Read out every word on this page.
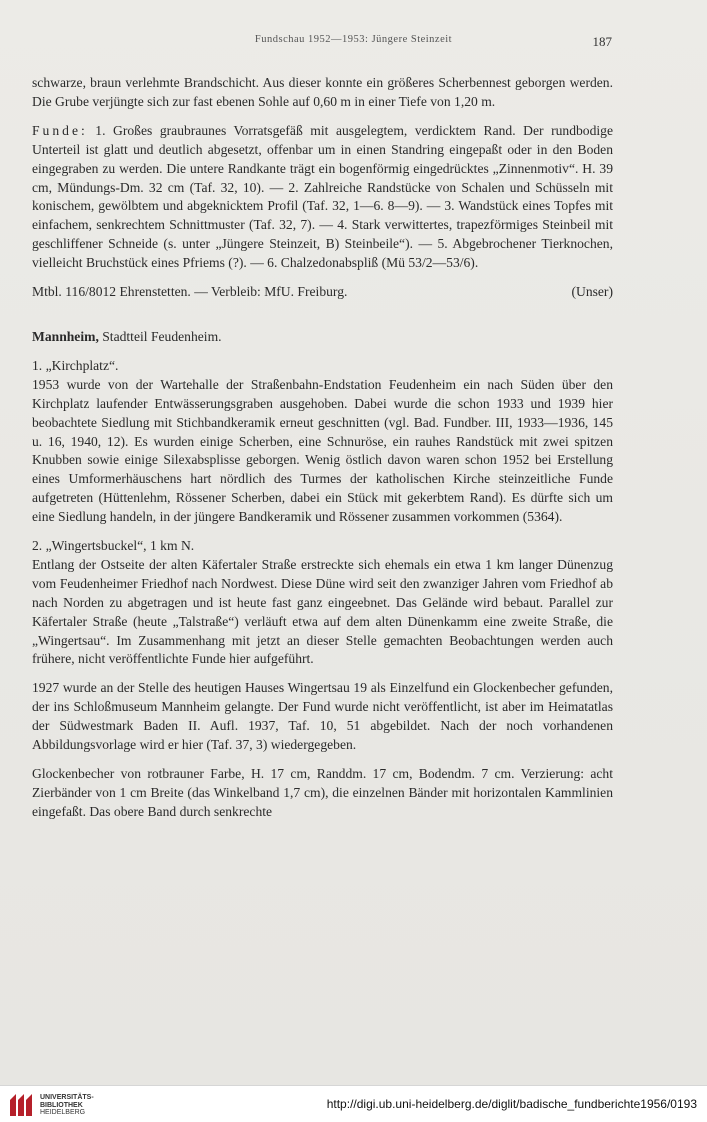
Fundschau 1952—1953: Jüngere Steinzeit	187

schwarze, braun verlehmte Brandschicht. Aus dieser konnte ein größeres Scherbennest geborgen werden. Die Grube verjüngte sich zur fast ebenen Sohle auf 0,60 m in einer Tiefe von 1,20 m.

Funde: 1. Großes graubraunes Vorratsgefäß mit ausgelegtem, verdicktem Rand. Der rundbodige Unterteil ist glatt und deutlich abgesetzt, offenbar um in einen Standring eingepaßt oder in den Boden eingegraben zu werden. Die untere Randkante trägt ein bogenförmig eingedrücktes „Zinnenmotiv“. H. 39 cm, Mündungs-Dm. 32 cm (Taf. 32, 10). — 2. Zahlreiche Randstücke von Schalen und Schüsseln mit konischem, gewölbtem und abgeknicktem Profil (Taf. 32, 1—6. 8—9). — 3. Wandstück eines Topfes mit einfachem, senkrechtem Schnittmuster (Taf. 32, 7). — 4. Stark verwittertes, trapezförmiges Steinbeil mit geschliffener Schneide (s. unter „Jüngere Steinzeit, B) Steinbeile“). — 5. Abgebrochener Tierknochen, vielleicht Bruchstück eines Pfriems (?). — 6. Chalzedonabspliß (Mü 53/2—53/6).

Mtbl. 116/8012 Ehrenstetten. — Verbleib: MfU. Freiburg.	(Unser)

Mannheim, Stadtteil Feudenheim.

1. „Kirchplatz“.

1953 wurde von der Wartehalle der Straßenbahn-Endstation Feudenheim ein nach Süden über den Kirchplatz laufender Entwässerungsgraben ausgehoben. Dabei wurde die schon 1933 und 1939 hier beobachtete Siedlung mit Stichbandkeramik erneut geschnitten (vgl. Bad. Fundber. III, 1933—1936, 145 u. 16, 1940, 12). Es wurden einige Scherben, eine Schnuröse, ein rauhes Randstück mit zwei spitzen Knubben sowie einige Silexabsplisse geborgen. Wenig östlich davon waren schon 1952 bei Erstellung eines Umformerhäuschens hart nördlich des Turmes der katholischen Kirche steinzeitliche Funde aufgetreten (Hüttenlehm, Rössener Scherben, dabei ein Stück mit gekerbtem Rand). Es dürfte sich um eine Siedlung handeln, in der jüngere Bandkeramik und Rössener zusammen vorkommen (5364).

2. „Wingertsbuckel“, 1 km N.

Entlang der Ostseite der alten Käfertaler Straße erstreckte sich ehemals ein etwa 1 km langer Dünenzug vom Feudenheimer Friedhof nach Nordwest. Diese Düne wird seit den zwanziger Jahren vom Friedhof ab nach Norden zu abgetragen und ist heute fast ganz eingeebnet. Das Gelände wird bebaut. Parallel zur Käfertaler Straße (heute „Talstraße“) verläuft etwa auf dem alten Dünenkamm eine zweite Straße, die „Wingertsau“. Im Zusammenhang mit jetzt an dieser Stelle gemachten Beobachtungen werden auch frühere, nicht veröffentlichte Funde hier aufgeführt.

1927 wurde an der Stelle des heutigen Hauses Wingertsau 19 als Einzelfund ein Glockenbecher gefunden, der ins Schloßmuseum Mannheim gelangte. Der Fund wurde nicht veröffentlicht, ist aber im Heimatatlas der Südwestmark Baden II. Aufl. 1937, Taf. 10, 51 abgebildet. Nach der noch vorhandenen Abbildungsvorlage wird er hier (Taf. 37, 3) wiedergegeben.

Glockenbecher von rotbrauner Farbe, H. 17 cm, Randdm. 17 cm, Bodendm. 7 cm. Verzierung: acht Zierbänder von 1 cm Breite (das Winkelband 1,7 cm), die einzelnen Bänder mit horizontalen Kammlinien eingefaßt. Das obere Band durch senkrechte

UNIVERSITÄTS-
BIBLIOTHEK
HEIDELBERG
http://digi.ub.uni-heidelberg.de/diglit/badische_fundberichte1956/0193
